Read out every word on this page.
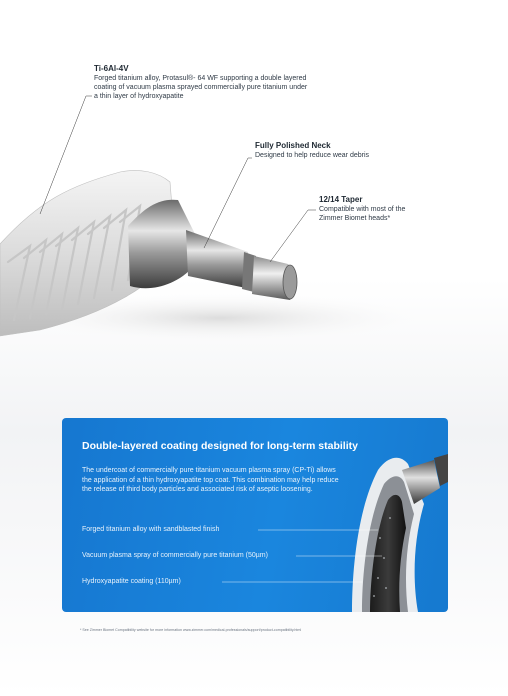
Ti-6Al-4V
Forged titanium alloy, Protasul®- 64 WF supporting a double layered
coating of vacuum plasma sprayed commercially pure titanium under
a thin layer of hydroxyapatite
Fully Polished Neck
Designed to help reduce wear debris
12/14 Taper
Compatible with most of the
Zimmer Biomet heads*
Double-layered coating designed for long-term stability
The undercoat of commercially pure titanium vacuum plasma spray (CP-Ti) allows the application of a thin hydroxyapatite top coat. This combination may help reduce the release of third body particles and associated risk of aseptic loosening.
Forged titanium alloy with sandblasted finish
Vacuum plasma spray of commercially pure titanium (50µm)
Hydroxyapatite coating (110µm)
* See Zimmer Biomet Compatibility website for more information www.zimmer.com/medical-professionals/support/product-compatibility.html
